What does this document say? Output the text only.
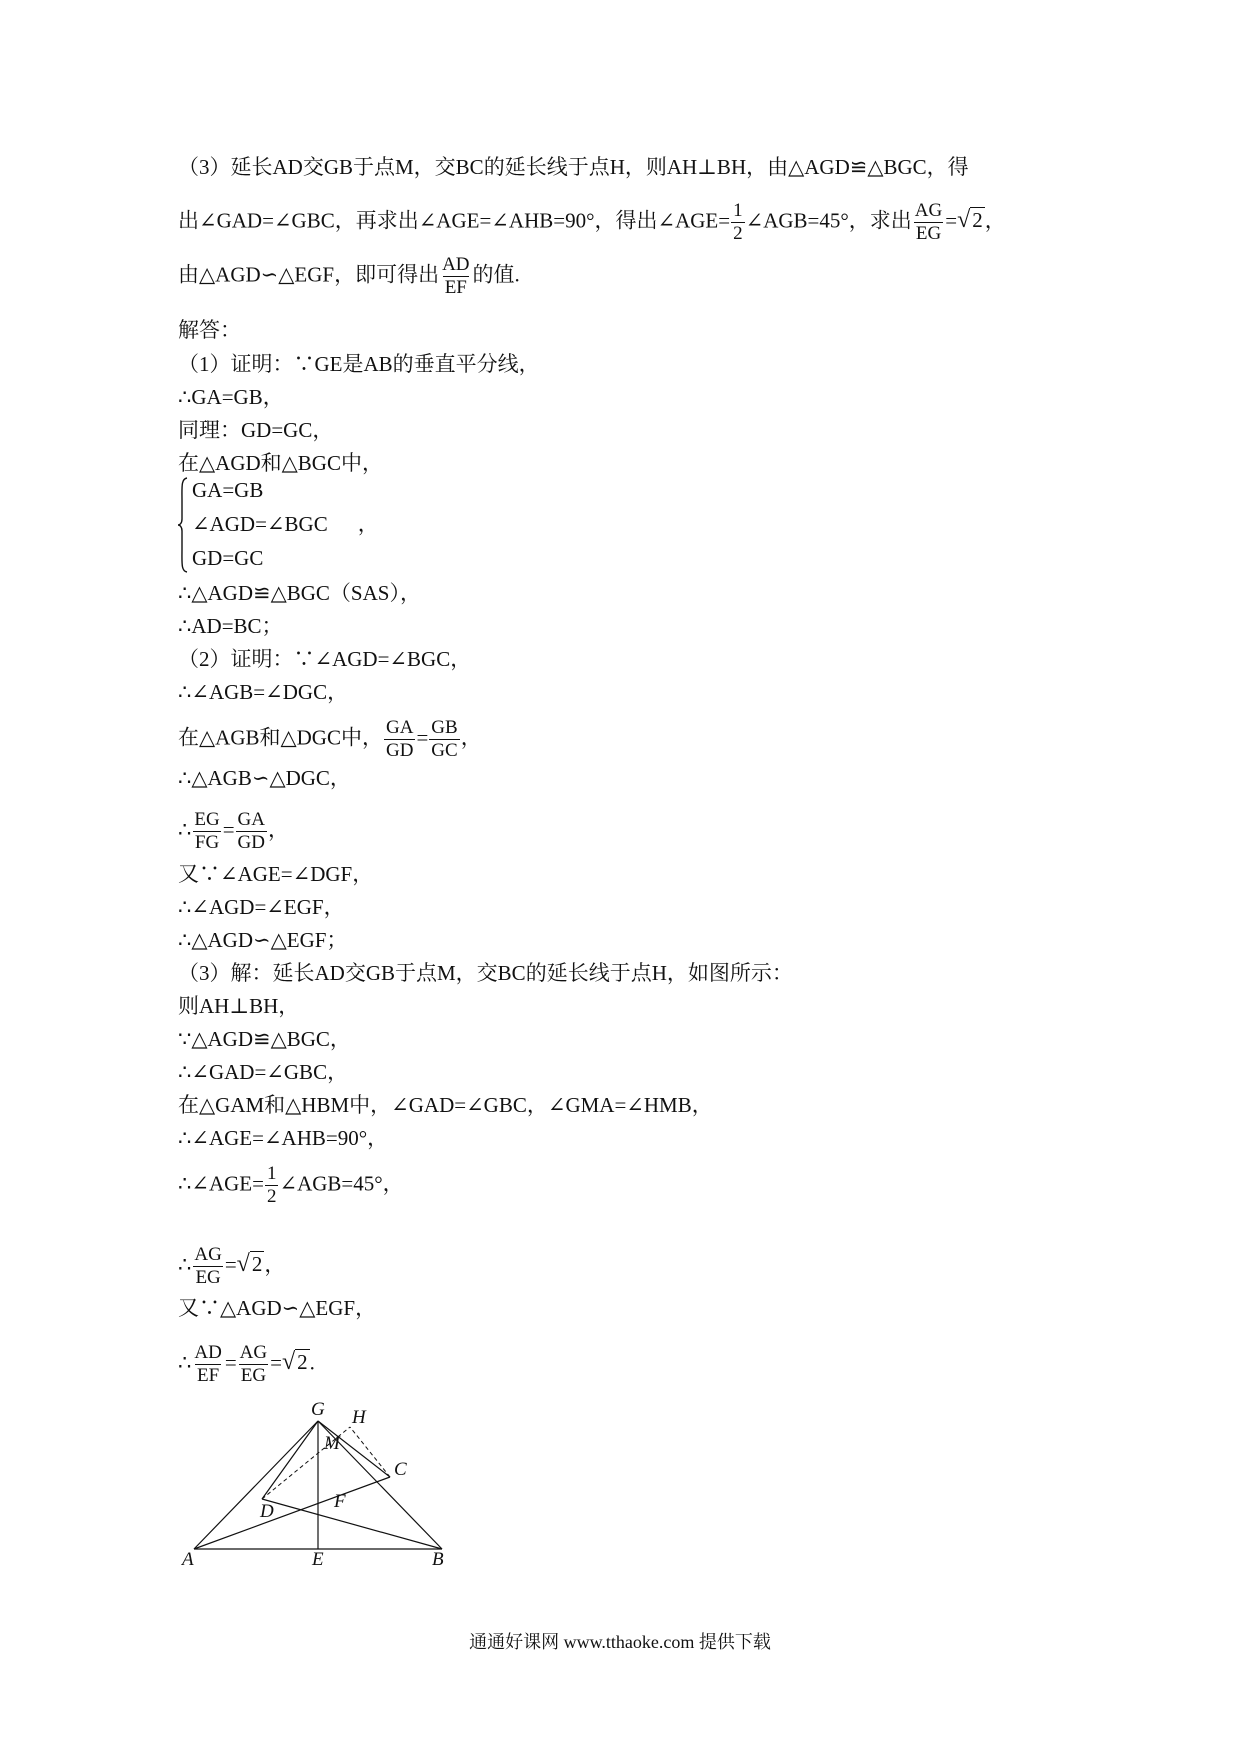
（3）延长AD交GB于点M，交BC的延长线于点H，则AH⊥BH，由△AGD≌△BGC，得
出∠GAD=∠GBC，再求出∠AGE=∠AHB=90°，得出∠AGE= $\frac{1}{2}$ ∠AGB=45°，求出 $\frac{AG}{EG} =√2$，
由△AGD∽△EGF，即可得出 $\frac{AD}{EF}$ 的值.
解答：
（1）证明：∵GE是AB的垂直平分线，
∴GA=GB，
同理：GD=GC，
在△AGD和△BGC中，
GA=GB
∠AGD=∠BGC ，
GD=GC
∴△AGD≌△BGC（SAS），
∴AD=BC；
（2）证明：∵∠AGD=∠BGC，
∴∠AGB=∠DGC，
在△AGB和△DGC中， $\frac{GA}{GD} = \frac{GB}{GC}$ ，
∴△AGB∽△DGC，
∴ $\frac{EG}{FG} = \frac{GA}{GD}$ ，
又∵∠AGE=∠DGF，
∴∠AGD=∠EGF，
∴△AGD∽△EGF；
（3）解：延长AD交GB于点M，交BC的延长线于点H，如图所示：
则AH⊥BH，
∵△AGD≌△BGC，
∴∠GAD=∠GBC，
在△GAM和△HBM中，∠GAD=∠GBC，∠GMA=∠HMB，
∴∠AGE=∠AHB=90°，
∴∠AGE= $\frac{1}{2}$ ∠AGB=45°，
∴ $\frac{AG}{EG} =√2$，
又∵△AGD∽△EGF，
∴ $\frac{AD}{EF} = \frac{AG}{EG} =√2$.
G H
M
C
D	F
A	E	B
通通好课网 www.tthaoke.com 提供下载
